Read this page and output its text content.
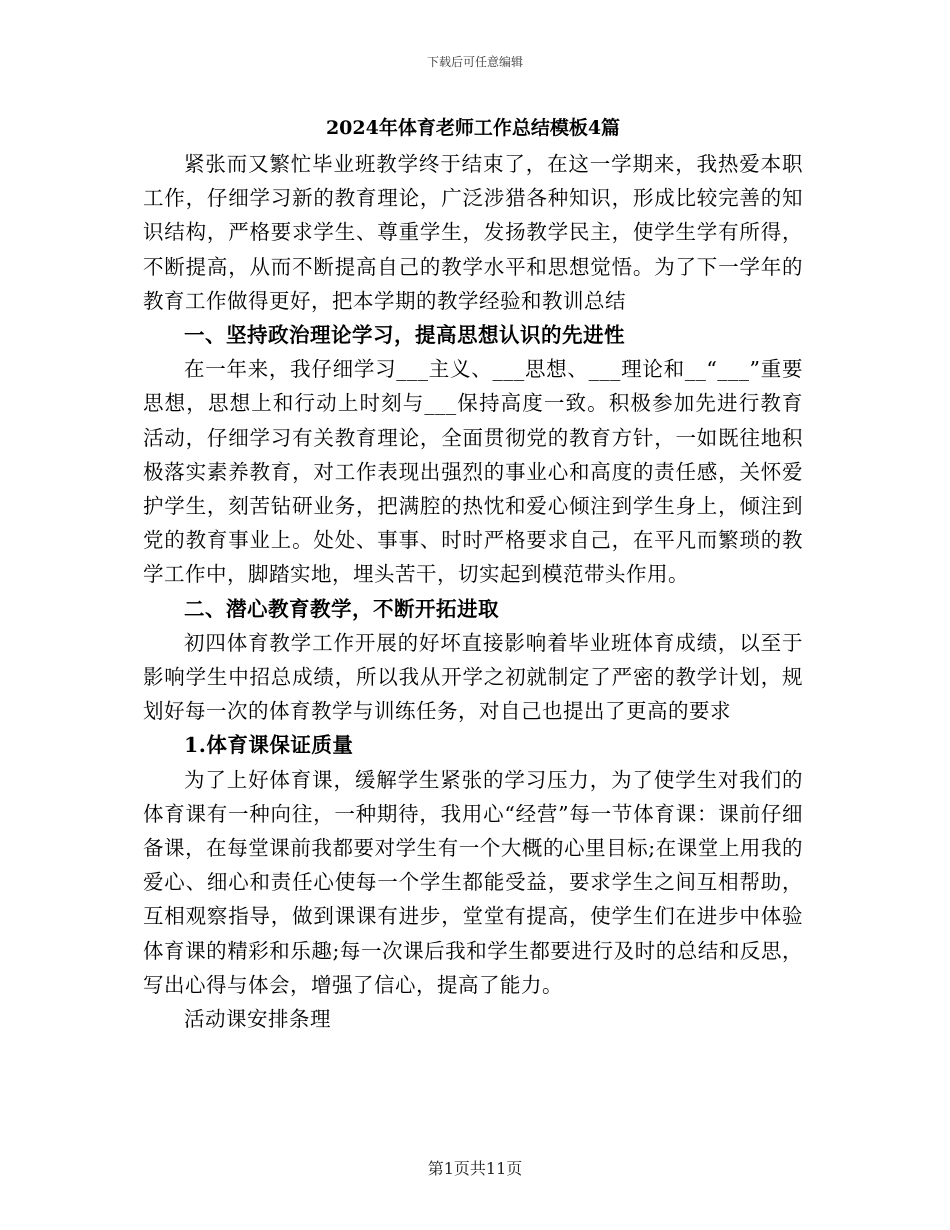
下载后可任意编辑
2024年体育老师工作总结模板4篇

紧张而又繁忙毕业班教学终于结束了，在这一学期来，我热爱本职工作，仔细学习新的教育理论，广泛涉猎各种知识，形成比较完善的知识结构，严格要求学生、尊重学生，发扬教学民主，使学生学有所得，不断提高，从而不断提高自己的教学水平和思想觉悟。为了下一学年的教育工作做得更好，把本学期的教学经验和教训总结

一、坚持政治理论学习，提高思想认识的先进性

在一年来，我仔细学习___主义、___思想、___理论和__“___”重要思想，思想上和行动上时刻与___保持高度一致。积极参加先进行教育活动，仔细学习有关教育理论，全面贯彻党的教育方针，一如既往地积极落实素养教育，对工作表现出强烈的事业心和高度的责任感，关怀爱护学生，刻苦钻研业务，把满腔的热忱和爱心倾注到学生身上，倾注到党的教育事业上。处处、事事、时时严格要求自己，在平凡而繁琐的教学工作中，脚踏实地，埋头苦干，切实起到模范带头作用。

二、潜心教育教学，不断开拓进取

初四体育教学工作开展的好坏直接影响着毕业班体育成绩，以至于影响学生中招总成绩，所以我从开学之初就制定了严密的教学计划，规划好每一次的体育教学与训练任务，对自己也提出了更高的要求

1.体育课保证质量

为了上好体育课，缓解学生紧张的学习压力，为了使学生对我们的体育课有一种向往，一种期待，我用心“经营”每一节体育课：课前仔细备课，在每堂课前我都要对学生有一个大概的心里目标;在课堂上用我的爱心、细心和责任心使每一个学生都能受益，要求学生之间互相帮助，互相观察指导，做到课课有进步，堂堂有提高，使学生们在进步中体验体育课的精彩和乐趣;每一次课后我和学生都要进行及时的总结和反思，写出心得与体会，增强了信心，提高了能力。

活动课安排条理

第1页共11页
